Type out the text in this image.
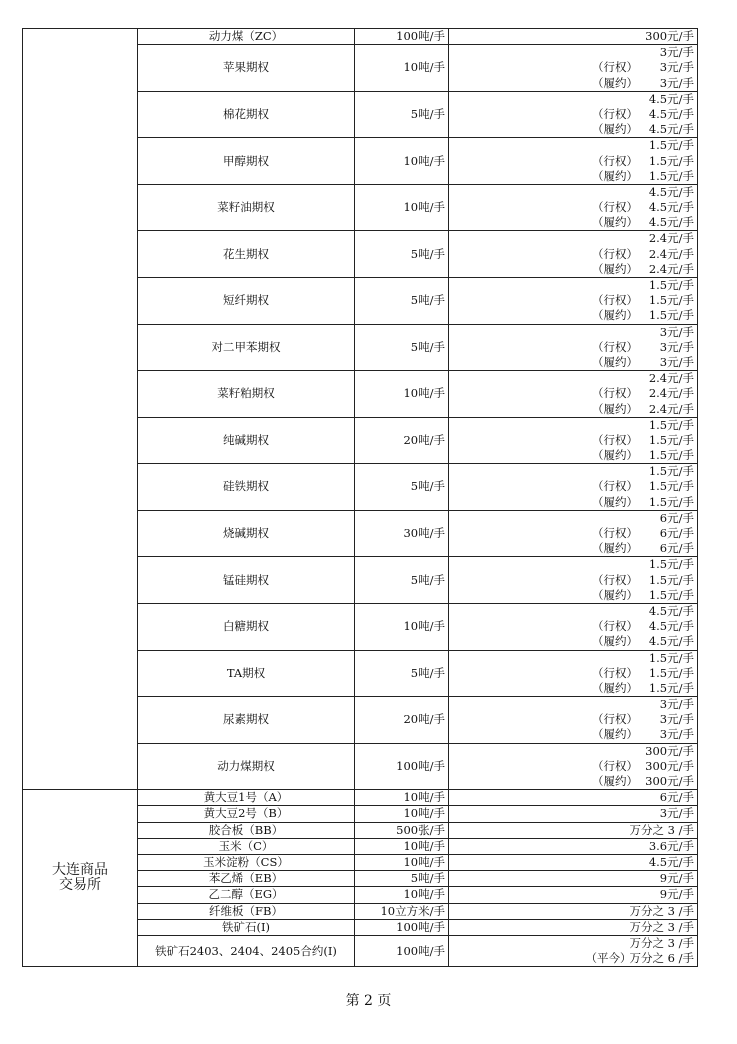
	动力煤（ZC）	100吨/手	300元/手

	苹果期权	10吨/手	3元/手
（行权） 3元/手
（履约） 3元/手

	棉花期权	5吨/手	4.5元/手
（行权） 4.5元/手
（履约） 4.5元/手

	甲醇期权	10吨/手	1.5元/手
（行权） 1.5元/手
（履约） 1.5元/手

	菜籽油期权	10吨/手	4.5元/手
（行权） 4.5元/手
（履约） 4.5元/手

	花生期权	5吨/手	2.4元/手
（行权） 2.4元/手
（履约） 2.4元/手

	短纤期权	5吨/手	1.5元/手
（行权） 1.5元/手
（履约） 1.5元/手

	对二甲苯期权	5吨/手	3元/手
（行权） 3元/手
（履约） 3元/手

	菜籽粕期权	10吨/手	2.4元/手
（行权） 2.4元/手
（履约） 2.4元/手

	纯碱期权	20吨/手	1.5元/手
（行权） 1.5元/手
（履约） 1.5元/手

	硅铁期权	5吨/手	1.5元/手
（行权） 1.5元/手
（履约） 1.5元/手

	烧碱期权	30吨/手	6元/手
（行权） 6元/手
（履约） 6元/手

	锰硅期权	5吨/手	1.5元/手
（行权） 1.5元/手
（履约） 1.5元/手

	白糖期权	10吨/手	4.5元/手
（行权） 4.5元/手
（履约） 4.5元/手

	TA期权	5吨/手	1.5元/手
（行权） 1.5元/手
（履约） 1.5元/手

	尿素期权	20吨/手	3元/手
（行权） 3元/手
（履约） 3元/手

	动力煤期权	100吨/手	300元/手
（行权） 300元/手
（履约） 300元/手

大连商品
交易所	黄大豆1号（A）	10吨/手	6元/手

	黄大豆2号（B）	10吨/手	3元/手

	胶合板（BB）	500张/手	万分之 3 /手

	玉米（C）	10吨/手	3.6元/手

	玉米淀粉（CS）	10吨/手	4.5元/手

	苯乙烯（EB）	5吨/手	9元/手

	乙二醇（EG）	10吨/手	9元/手

	纤维板（FB）	10立方米/手	万分之 3 /手

	铁矿石(I)	100吨/手	万分之 3 /手

	铁矿石2403、2404、2405合约(I)	100吨/手	万分之 3 /手
（平今）
万分之 6 /手
第 2 页
